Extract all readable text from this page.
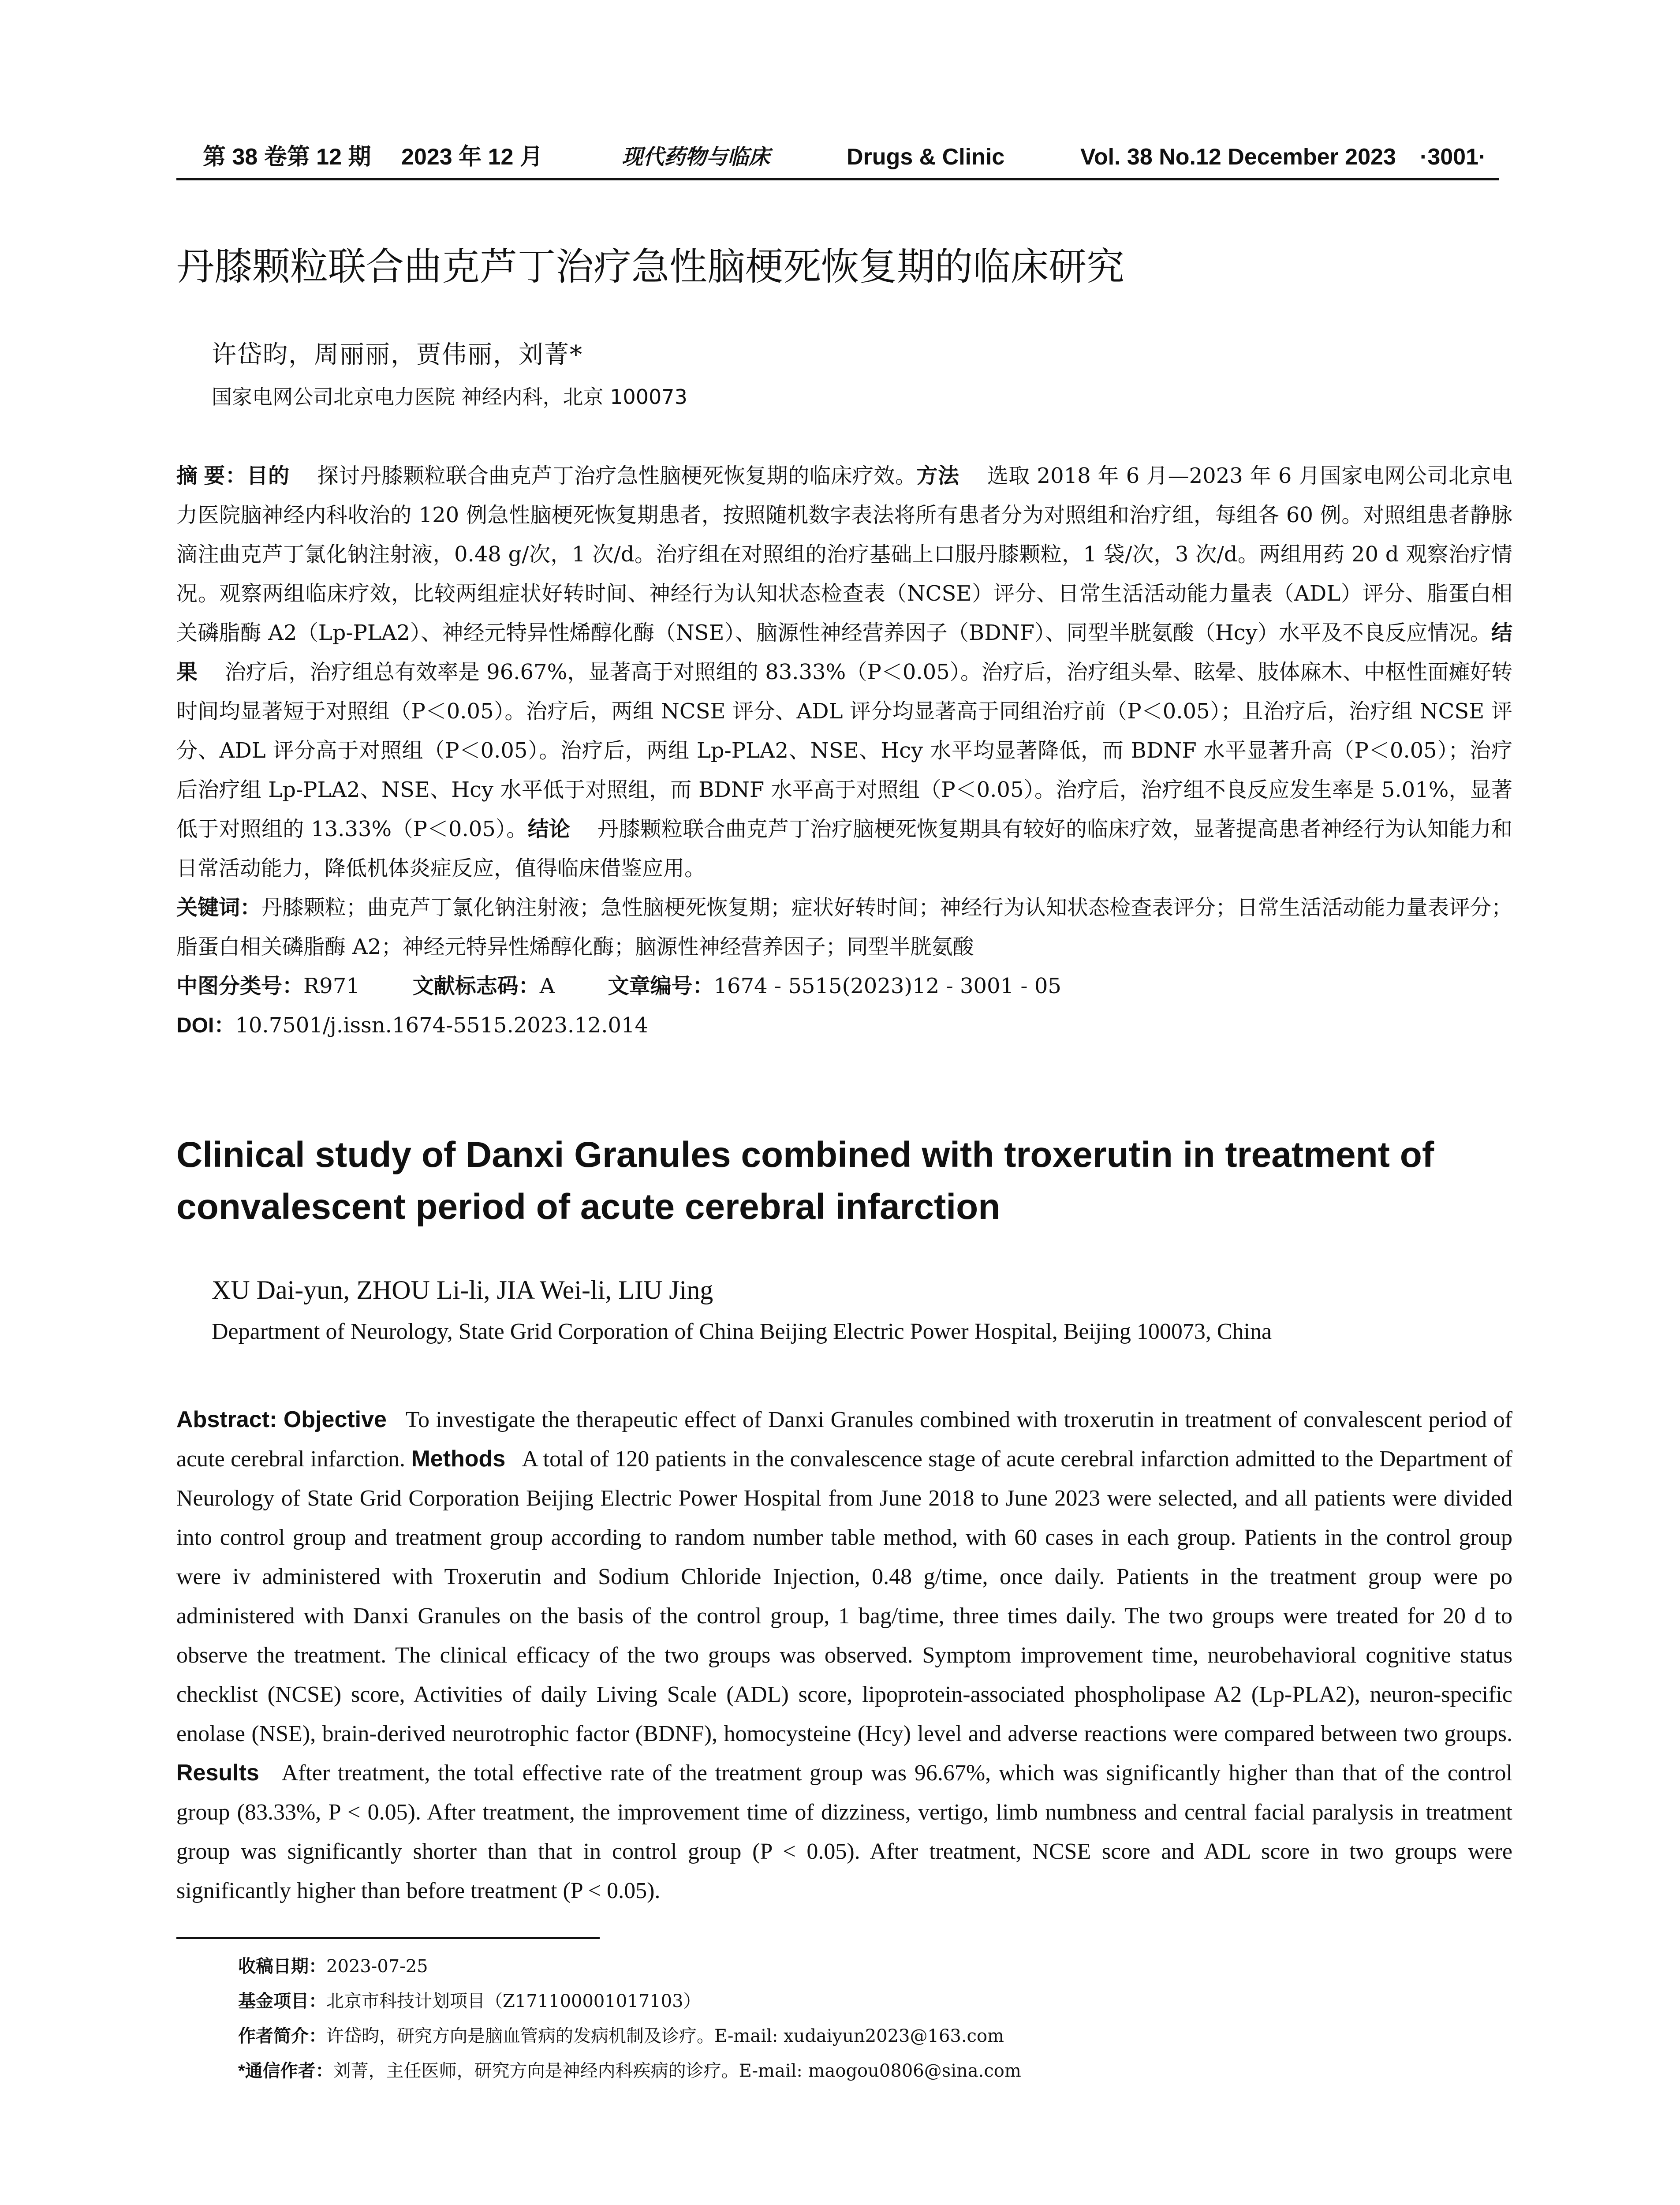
第 38 卷第 12 期 2023 年 12 月	现代药物与临床	Drugs & Clinic	Vol. 38 No.12 December 2023 ·3001·
丹膝颗粒联合曲克芦丁治疗急性脑梗死恢复期的临床研究
许岱昀，周丽丽，贾伟丽，刘菁*
国家电网公司北京电力医院 神经内科，北京 100073

摘 要：目的 探讨丹膝颗粒联合曲克芦丁治疗急性脑梗死恢复期的临床疗效。方法 选取 2018 年 6 月—2023 年 6 月国家电网公司北京电力医院脑神经内科收治的 120 例急性脑梗死恢复期患者，按照随机数字表法将所有患者分为对照组和治疗组，每组各 60 例。对照组患者静脉滴注曲克芦丁氯化钠注射液，0.48 g/次，1 次/d。治疗组在对照组的治疗基础上口服丹膝颗粒，1 袋/次，3 次/d。两组用药 20 d 观察治疗情况。观察两组临床疗效，比较两组症状好转时间、神经行为认知状态检查表（NCSE）评分、日常生活活动能力量表（ADL）评分、脂蛋白相关磷脂酶 A2（Lp-PLA2）、神经元特异性烯醇化酶（NSE）、脑源性神经营养因子（BDNF）、同型半胱氨酸（Hcy）水平及不良反应情况。结果 治疗后，治疗组总有效率是 96.67%，显著高于对照组的 83.33%（P＜0.05）。治疗后，治疗组头晕、眩晕、肢体麻木、中枢性面瘫好转时间均显著短于对照组（P＜0.05）。治疗后，两组 NCSE 评分、ADL 评分均显著高于同组治疗前（P＜0.05）；且治疗后，治疗组 NCSE 评分、ADL 评分高于对照组（P＜0.05）。治疗后，两组 Lp-PLA2、NSE、Hcy 水平均显著降低，而 BDNF 水平显著升高（P＜0.05）；治疗后治疗组 Lp-PLA2、NSE、Hcy 水平低于对照组，而 BDNF 水平高于对照组（P＜0.05）。治疗后，治疗组不良反应发生率是 5.01%，显著低于对照组的 13.33%（P＜0.05）。结论 丹膝颗粒联合曲克芦丁治疗脑梗死恢复期具有较好的临床疗效，显著提高患者神经行为认知能力和日常活动能力，降低机体炎症反应，值得临床借鉴应用。

关键词：丹膝颗粒；曲克芦丁氯化钠注射液；急性脑梗死恢复期；症状好转时间；神经行为认知状态检查表评分；日常生活活动能力量表评分；脂蛋白相关磷脂酶 A2；神经元特异性烯醇化酶；脑源性神经营养因子；同型半胱氨酸

中图分类号：R971	文献标志码：A	文章编号：1674 - 5515(2023)12 - 3001 - 05
DOI：10.7501/j.issn.1674-5515.2023.12.014
Clinical study of Danxi Granules combined with troxerutin in treatment of convalescent period of acute cerebral infarction
XU Dai-yun, ZHOU Li-li, JIA Wei-li, LIU Jing
Department of Neurology, State Grid Corporation of China Beijing Electric Power Hospital, Beijing 100073, China

Abstract: Objective To investigate the therapeutic effect of Danxi Granules combined with troxerutin in treatment of convalescent period of acute cerebral infarction. Methods A total of 120 patients in the convalescence stage of acute cerebral infarction admitted to the Department of Neurology of State Grid Corporation Beijing Electric Power Hospital from June 2018 to June 2023 were selected, and all patients were divided into control group and treatment group according to random number table method, with 60 cases in each group. Patients in the control group were iv administered with Troxerutin and Sodium Chloride Injection, 0.48 g/time, once daily. Patients in the treatment group were po administered with Danxi Granules on the basis of the control group, 1 bag/time, three times daily. The two groups were treated for 20 d to observe the treatment. The clinical efficacy of the two groups was observed. Symptom improvement time, neurobehavioral cognitive status checklist (NCSE) score, Activities of daily Living Scale (ADL) score, lipoprotein-associated phospholipase A2 (Lp-PLA2), neuron-specific enolase (NSE), brain-derived neurotrophic factor (BDNF), homocysteine (Hcy) level and adverse reactions were compared between two groups. Results After treatment, the total effective rate of the treatment group was 96.67%, which was significantly higher than that of the control group (83.33%, P < 0.05). After treatment, the improvement time of dizziness, vertigo, limb numbness and central facial paralysis in treatment group was significantly shorter than that in control group (P < 0.05). After treatment, NCSE score and ADL score in two groups were significantly higher than before treatment (P < 0.05).

收稿日期：2023-07-25
基金项目：北京市科技计划项目（Z171100001017103）
作者简介：许岱昀，研究方向是脑血管病的发病机制及诊疗。E-mail: xudaiyun2023@163.com
*通信作者：刘菁，主任医师，研究方向是神经内科疾病的诊疗。E-mail: maogou0806@sina.com
